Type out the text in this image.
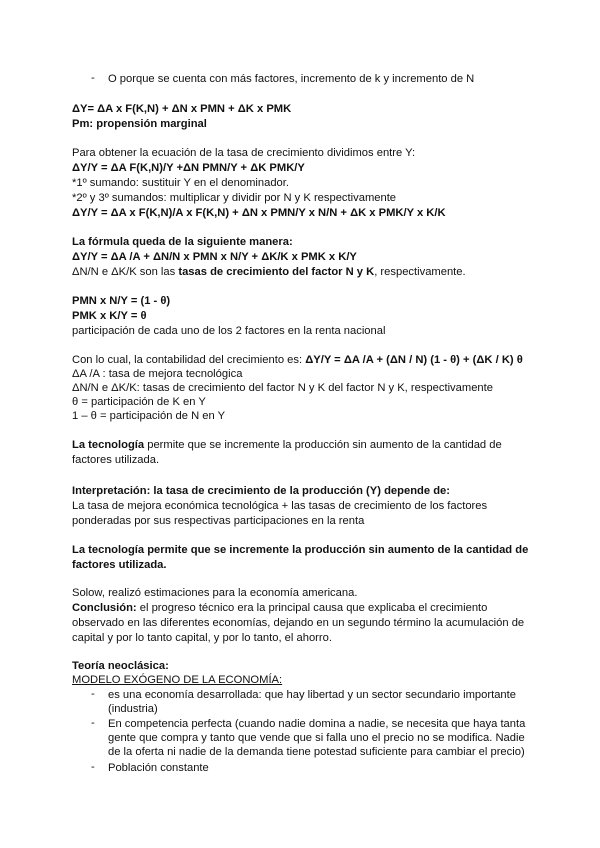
- O porque se cuenta con más factores, incremento de k y incremento de N
ΔY= ΔA x F(K,N) + ΔN x PMN + ΔK x PMK
Pm: propensión marginal
Para obtener la ecuación de la tasa de crecimiento dividimos entre Y:
ΔY/Y = ΔA F(K,N)/Y +ΔN PMN/Y + ΔK PMK/Y
*1º sumando: sustituir Y en el denominador.
*2º y 3º sumandos: multiplicar y dividir por N y K respectivamente
ΔY/Y = ΔA x F(K,N)/A x F(K,N) + ΔN x PMN/Y x N/N + ΔK x PMK/Y x K/K
La fórmula queda de la siguiente manera:
ΔY/Y = ΔA /A + ΔN/N x PMN x N/Y + ΔK/K x PMK x K/Y
ΔN/N e ΔK/K son las tasas de crecimiento del factor N y K, respectivamente.
PMN x N/Y = (1 - θ)
PMK x K/Y = θ
participación de cada uno de los 2 factores en la renta nacional
Con lo cual, la contabilidad del crecimiento es: ΔY/Y = ΔA /A + (ΔN / N) (1 - θ) + (ΔK / K) θ
ΔA /A : tasa de mejora tecnológica
ΔN/N e ΔK/K: tasas de crecimiento del factor N y K del factor N y K, respectivamente
θ = participación de K en Y
1 – θ = participación de N en Y
La tecnología permite que se incremente la producción sin aumento de la cantidad de
factores utilizada.
Interpretación: la tasa de crecimiento de la producción (Y) depende de:
La tasa de mejora económica tecnológica + las tasas de crecimiento de los factores
ponderadas por sus respectivas participaciones en la renta
La tecnología permite que se incremente la producción sin aumento de la cantidad de
factores utilizada.
Solow, realizó estimaciones para la economía americana.
Conclusión: el progreso técnico era la principal causa que explicaba el crecimiento
observado en las diferentes economías, dejando en un segundo término la acumulación de
capital y por lo tanto capital, y por lo tanto, el ahorro.
Teoría neoclásica:
MODELO EXÓGENO DE LA ECONOMÍA:
- es una economía desarrollada: que hay libertad y un sector secundario importante
(industria)
- En competencia perfecta (cuando nadie domina a nadie, se necesita que haya tanta
gente que compra y tanto que vende que si falla uno el precio no se modifica. Nadie
de la oferta ni nadie de la demanda tiene potestad suficiente para cambiar el precio)
- Población constante
